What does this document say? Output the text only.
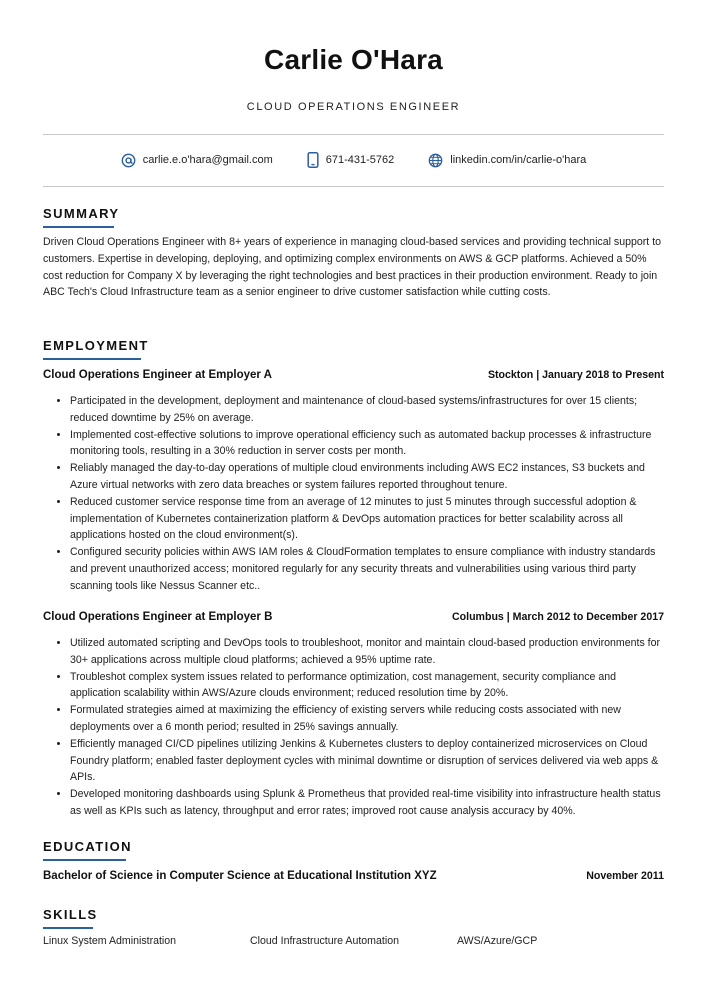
Carlie O'Hara
CLOUD OPERATIONS ENGINEER
carlie.e.o'hara@gmail.com	671-431-5762	linkedin.com/in/carlie-o'hara
SUMMARY
Driven Cloud Operations Engineer with 8+ years of experience in managing cloud-based services and providing technical support to customers. Expertise in developing, deploying, and optimizing complex environments on AWS & GCP platforms. Achieved a 50% cost reduction for Company X by leveraging the right technologies and best practices in their production environment. Ready to join ABC Tech's Cloud Infrastructure team as a senior engineer to drive customer satisfaction while cutting costs.
EMPLOYMENT
Cloud Operations Engineer at Employer A	Stockton | January 2018 to Present
• Participated in the development, deployment and maintenance of cloud-based systems/infrastructures for over 15 clients; reduced downtime by 25% on average.
• Implemented cost-effective solutions to improve operational efficiency such as automated backup processes & infrastructure monitoring tools, resulting in a 30% reduction in server costs per month.
• Reliably managed the day-to-day operations of multiple cloud environments including AWS EC2 instances, S3 buckets and Azure virtual networks with zero data breaches or system failures reported throughout tenure.
• Reduced customer service response time from an average of 12 minutes to just 5 minutes through successful adoption & implementation of Kubernetes containerization platform & DevOps automation practices for better scalability across all applications hosted on the cloud environment(s).
• Configured security policies within AWS IAM roles & CloudFormation templates to ensure compliance with industry standards and prevent unauthorized access; monitored regularly for any security threats and vulnerabilities using various third party scanning tools like Nessus Scanner etc..
Cloud Operations Engineer at Employer B	Columbus | March 2012 to December 2017
• Utilized automated scripting and DevOps tools to troubleshoot, monitor and maintain cloud-based production environments for 30+ applications across multiple cloud platforms; achieved a 95% uptime rate.
• Troubleshot complex system issues related to performance optimization, cost management, security compliance and application scalability within AWS/Azure clouds environment; reduced resolution time by 20%.
• Formulated strategies aimed at maximizing the efficiency of existing servers while reducing costs associated with new deployments over a 6 month period; resulted in 25% savings annually.
• Efficiently managed CI/CD pipelines utilizing Jenkins & Kubernetes clusters to deploy containerized microservices on Cloud Foundry platform; enabled faster deployment cycles with minimal downtime or disruption of services delivered via web apps & APIs.
• Developed monitoring dashboards using Splunk & Prometheus that provided real-time visibility into infrastructure health status as well as KPIs such as latency, throughput and error rates; improved root cause analysis accuracy by 40%.
EDUCATION
Bachelor of Science in Computer Science at Educational Institution XYZ	November 2011
SKILLS
Linux System Administration	Cloud Infrastructure Automation	AWS/Azure/GCP
